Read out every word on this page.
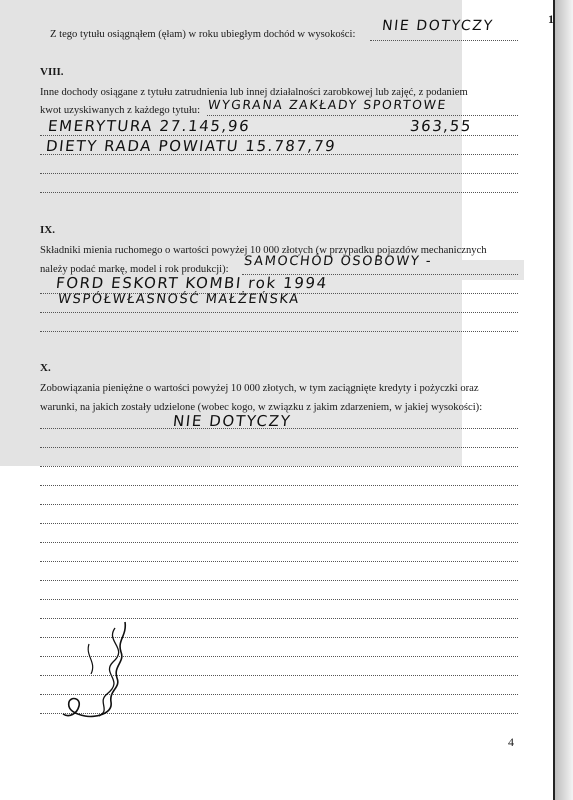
Z tego tytułu osiągnąłem (ęłam) w roku ubiegłym dochód w wysokości:
NIE DOTYCZY
VIII.
Inne dochody osiągane z tytułu zatrudnienia lub innej działalności zarobkowej lub zajęć, z podaniem
kwot uzyskiwanych z każdego tytułu: WYGRANA ZAKŁADY SPORTOWE
EMERYTURA 27.145,96	363,55
DIETY RADA POWIATU 15.787,79
IX.
Składniki mienia ruchomego o wartości powyżej 10 000 złotych (w przypadku pojazdów mechanicznych
należy podać markę, model i rok produkcji):
SAMOCHÓD OSOBOWY -
FORD ESKORT KOMBI rok 1994
WSPÓŁWŁASNOŚĆ MAŁŻEŃSKA
X.
Zobowiązania pieniężne o wartości powyżej 10 000 złotych, w tym zaciągnięte kredyty i pożyczki oraz
warunki, na jakich zostały udzielone (wobec kogo, w związku z jakim zdarzeniem, w jakiej wysokości):
NIE DOTYCZY
1
4
